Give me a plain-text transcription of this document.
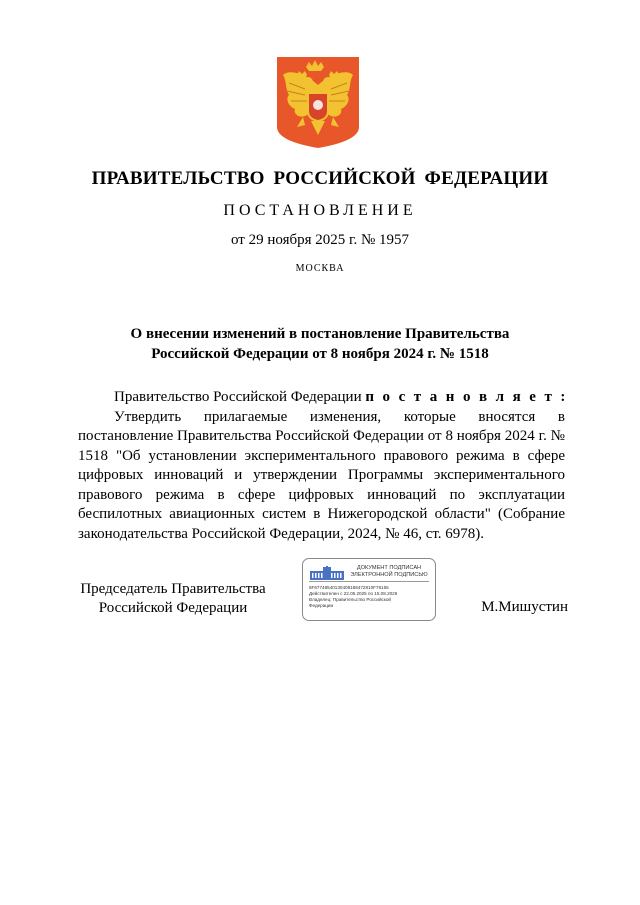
ПРАВИТЕЛЬСТВО РОССИЙСКОЙ ФЕДЕРАЦИИ
ПОСТАНОВЛЕНИЕ
от 29 ноября 2025 г. № 1957
МОСКВА
О внесении изменений в постановление Правительства
Российской Федерации от 8 ноября 2024 г. № 1518
Правительство Российской Федерации п о с т а н о в л я е т :

Утвердить прилагаемые изменения, которые вносятся в постановление Правительства Российской Федерации от 8 ноября 2024 г. № 1518 "Об установлении экспериментального правового режима в сфере цифровых инноваций и утверждении Программы экспериментального правового режима в сфере цифровых инноваций по эксплуатации беспилотных авиационных систем в Нижегородской области" (Собрание законодательства Российской Федерации, 2024, № 46, ст. 6978).

Председатель Правительства
Российской Федерации
ДОКУМЕНТ ПОДПИСАН
ЭЛЕКТРОННОЙ ПОДПИСЬЮ
6F67748540130408188472810F78155
Действителен с 22.05.2025 по 15.08.2026
Владелец: Правительство Российской
Федерации	М.Мишустин
